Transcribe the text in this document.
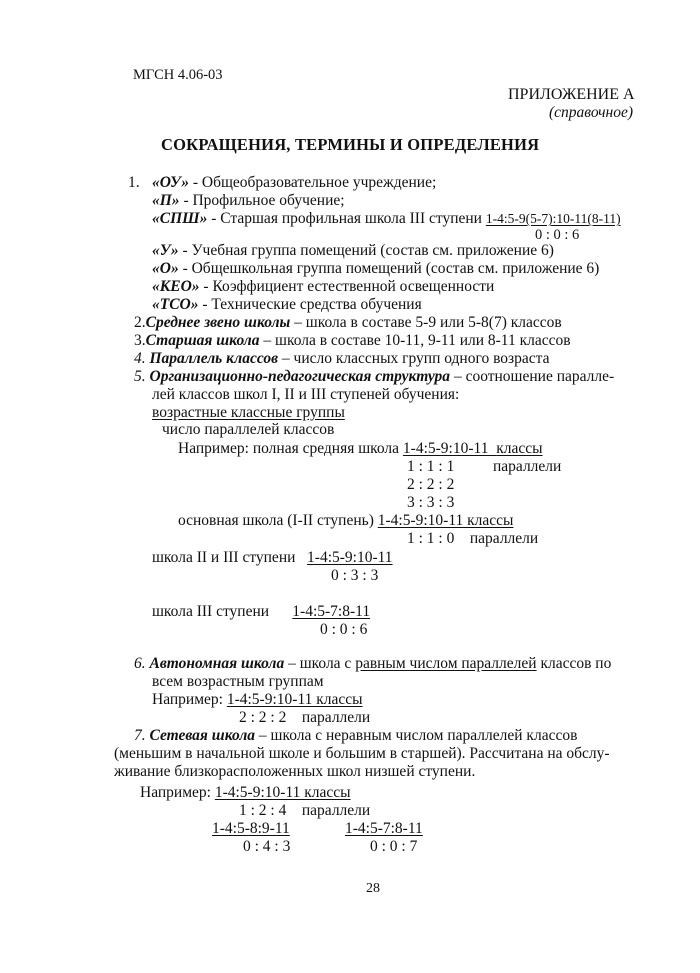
МГСН 4.06-03
ПРИЛОЖЕНИЕ А
(справочное)
СОКРАЩЕНИЯ, ТЕРМИНЫ И ОПРЕДЕЛЕНИЯ
1. «ОУ» - Общеобразовательное учреждение;
«П» - Профильное обучение;
«СПШ» - Старшая профильная школа III ступени 1-4:5-9(5-7):10-11(8-11)
0 : 0 : 6
«У» - Учебная группа помещений (состав см. приложение 6)
«О» - Общешкольная группа помещений (состав см. приложение 6)
«КЕО» - Коэффициент естественной освещенности
«ТСО» - Технические средства обучения
2.Среднее звено школы – школа в составе 5-9 или 5-8(7) классов
3.Старшая школа – школа в составе 10-11, 9-11 или 8-11 классов
4. Параллель классов – число классных групп одного возраста
5. Организационно-педагогическая структура – соотношение паралле-
лей классов школ I, II и III ступеней обучения:
возрастные классные группы
число параллелей классов
Например: полная средняя школа 1-4:5-9:10-11 классы
1 : 1 : 1 параллели
2 : 2 : 2
3 : 3 : 3
основная школа (I-II ступень) 1-4:5-9:10-11 классы
1 : 1 : 0 параллели
школа II и III ступени 1-4:5-9:10-11
0 : 3 : 3
школа III ступени 1-4:5-7:8-11
0 : 0 : 6
6. Автономная школа – школа с равным числом параллелей классов по
всем возрастным группам
Например: 1-4:5-9:10-11 классы
2 : 2 : 2 параллели
7. Сетевая школа – школа с неравным числом параллелей классов
(меньшим в начальной школе и большим в старшей). Рассчитана на обслу-
живание близкорасположенных школ низшей ступени.
Например: 1-4:5-9:10-11 классы
1 : 2 : 4 параллели
1-4:5-8:9-11	1-4:5-7:8-11
0 : 4 : 3	0 : 0 : 7
28
